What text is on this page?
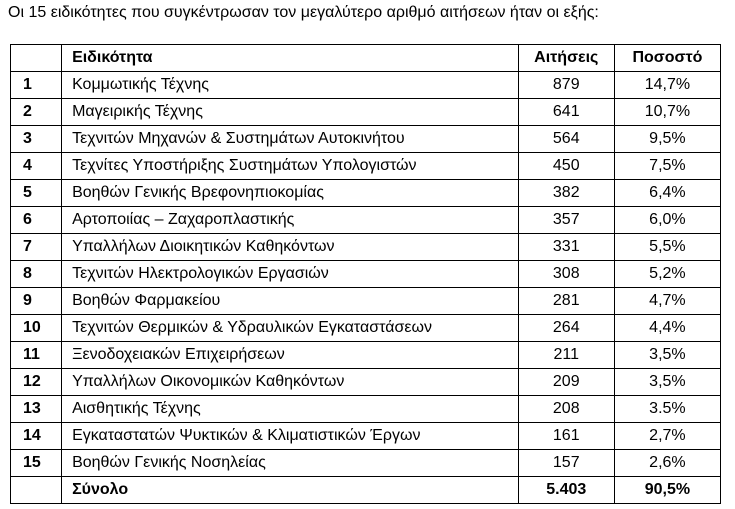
Οι 15 ειδικότητες που συγκέντρωσαν τον μεγαλύτερο αριθμό αιτήσεων ήταν οι εξής:
	Ειδικότητα	Αιτήσεις	Ποσοστό
1	Κομμωτικής Τέχνης	879	14,7%
2	Μαγειρικής Τέχνης	641	10,7%
3	Τεχνιτών Μηχανών & Συστημάτων Αυτοκινήτου	564	9,5%
4	Τεχνίτες Υποστήριξης Συστημάτων Υπολογιστών	450	7,5%
5	Βοηθών Γενικής Βρεφονηπιοκομίας	382	6,4%
6	Αρτοποιίας – Ζαχαροπλαστικής	357	6,0%
7	Υπαλλήλων Διοικητικών Καθηκόντων	331	5,5%
8	Τεχνιτών Ηλεκτρολογικών Εργασιών	308	5,2%
9	Βοηθών Φαρμακείου	281	4,7%
10	Τεχνιτών Θερμικών & Υδραυλικών Εγκαταστάσεων	264	4,4%
11	Ξενοδοχειακών Επιχειρήσεων	211	3,5%
12	Υπαλλήλων Οικονομικών Καθηκόντων	209	3,5%
13	Αισθητικής Τέχνης	208	3.5%
14	Εγκαταστατών Ψυκτικών & Κλιματιστικών Έργων	161	2,7%
15	Βοηθών Γενικής Νοσηλείας	157	2,6%
	Σύνολο	5.403	90,5%
